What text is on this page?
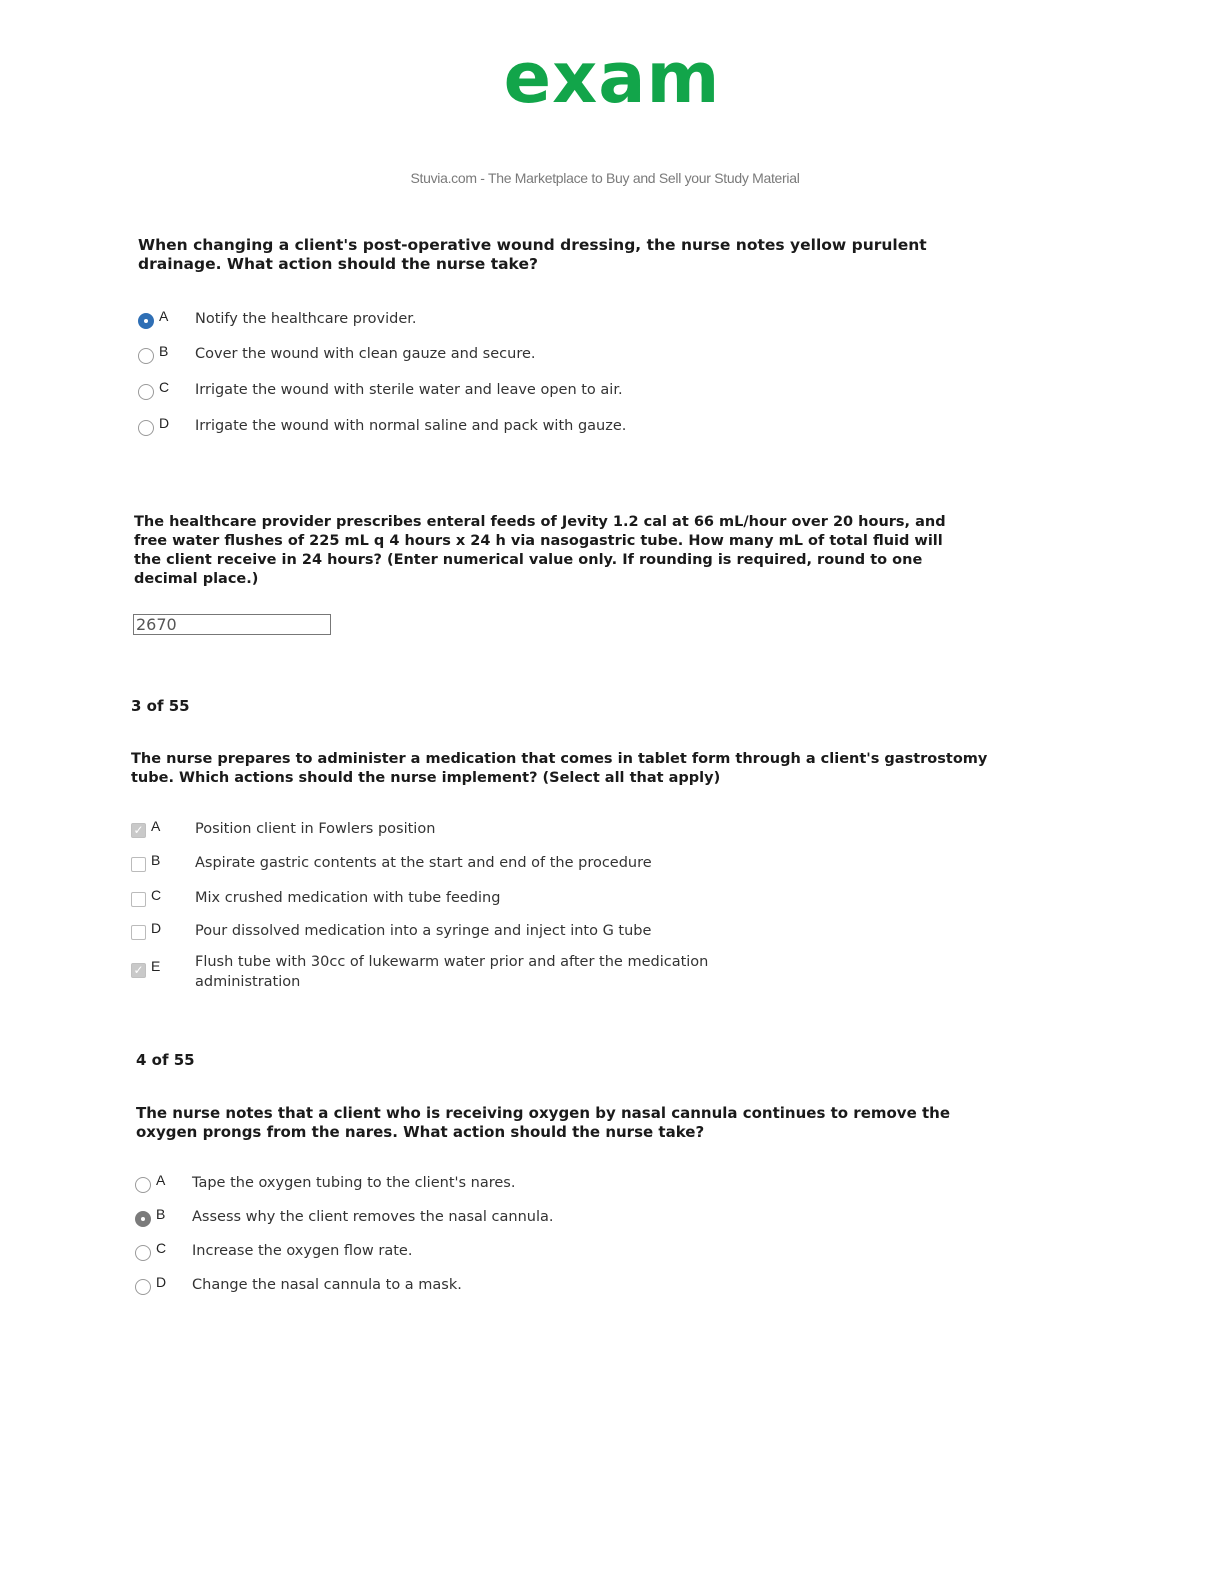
exam
Stuvia.com - The Marketplace to Buy and Sell your Study Material
When changing a client's post-operative wound dressing, the nurse notes yellow purulent drainage. What action should the nurse take?
A	Notify the healthcare provider.
B	Cover the wound with clean gauze and secure.
C	Irrigate the wound with sterile water and leave open to air.
D	Irrigate the wound with normal saline and pack with gauze.
The healthcare provider prescribes enteral feeds of Jevity 1.2 cal at 66 mL/hour over 20 hours, and free water flushes of 225 mL q 4 hours x 24 h via nasogastric tube. How many mL of total fluid will the client receive in 24 hours? (Enter numerical value only. If rounding is required, round to one decimal place.)
2670
3 of 55
The nurse prepares to administer a medication that comes in tablet form through a client's gastrostomy tube. Which actions should the nurse implement? (Select all that apply)
✓ A	Position client in Fowlers position
B	Aspirate gastric contents at the start and end of the procedure
C	Mix crushed medication with tube feeding
D	Pour dissolved medication into a syringe and inject into G tube
✓ E	Flush tube with 30cc of lukewarm water prior and after the medication administration
4 of 55
The nurse notes that a client who is receiving oxygen by nasal cannula continues to remove the oxygen prongs from the nares. What action should the nurse take?
A	Tape the oxygen tubing to the client's nares.
B	Assess why the client removes the nasal cannula.
C	Increase the oxygen flow rate.
D	Change the nasal cannula to a mask.
